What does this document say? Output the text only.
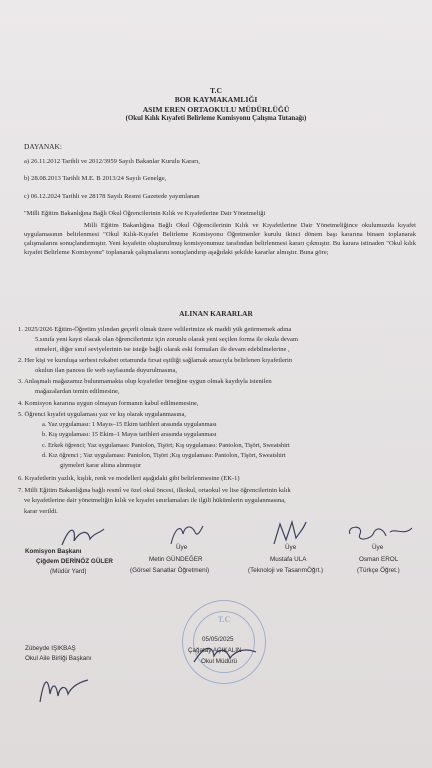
T.C
BOR KAYMAKAMLIĞI
ASIM EREN ORTAOKULU MÜDÜRLÜĞÜ
(Okul Kılık Kıyafeti Belirleme Komisyonu Çalışma Tutanağı)
DAYANAK:
a) 26.11.2012 Tarihli ve 2012/3959 Sayılı Bakanlar Kurulu Kararı,
b) 28.08.2013 Tarihli M.E. B 2013/24 Sayılı Genelge,
c) 06.12.2024 Tarihli ve 28178 Sayılı Resmi Gazetede yayımlanan
"Milli Eğitim Bakanlığına Bağlı Okul Öğrencilerinin Kılık ve Kıyafetlerine Dair Yönetmeliği
Milli Eğitim Bakanlığına Bağlı Okul Öğrencilerinin Kılık ve Kıyafetlerine Dair Yönetmeliğince okulumuzda kıyafet uygulamasının belirlenmesi "Okul Kılık-Kıyafet Belirleme Komisyonu Öğretmenler kurulu ikinci dönem başı kararına binaen toplanarak çalışmalarını sonuçlandırmıştır. Yeni kıyafetin oluşturulmuş komisyonumuz tarafından belirlenmesi kararı çıkmıştır. Bu karara istinaden "Okul kılık kıyafet Belirleme Komisyonu" toplanarak çalışmalarını sonuçlandırıp aşağıdaki şekilde kararlar almıştır. Buna göre;
ALINAN KARARLAR
1. 2025/2026 Eğitim-Öğretim yılından geçerli olmak üzere velilerimize ek maddi yük getirmemek adına
5.sınıfa yeni kayıt olacak olan öğrencilerimiz için zorunlu olarak yeni seçilen forma ile okula devam
etmeleri, diğer sınıf seviyelerinin ise isteğe bağlı olarak eski formaları ile devam edebilmelerine ,
2. Her kişi ve kuruluşa serbest rekabet ortamında fırsat eşitliği sağlamak amacıyla belirlenen kıyafetlerin
okulun ilan panosu ile web sayfasında duyurulmasına,
3. Anlaşmalı mağazamız bulunmamakta olup kıyafetler örneğine uygun olmak kaydıyla istenilen
mağazalardan temin edilmesine,
4. Komisyon kararına uygun olmayan formanın kabul edilmemesine,
5. Öğrenci kıyafet uygulaması yaz ve kış olarak uygulanmasına,
a. Yaz uygulaması: 1 Mayıs–15 Ekim tarihleri arasında uygulanması
b. Kış uygulaması: 15 Ekim–1 Mayıs tarihleri arasında uygulanması
c. Erkek öğrenci; Yaz uygulaması: Pantolon, Tişört; Kış uygulaması: Pantolon, Tişört, Sweatshirt
d. Kız öğrenci ; Yaz uygulaması: Pantolon, Tişört ;Kış uygulaması: Pantolon, Tişört, Sweatshirt
giymeleri karar altına alınmıştır
6. Kıyafetlerin yazlık, kışlık, renk ve modelleri aşağıdaki gibi belirlenmesine (EK-1)
7. Milli Eğitim Bakanlığına bağlı resmî ve özel okul öncesi, ilkokul, ortaokul ve lise öğrencilerinin kılık
ve kıyafetlerine dair yönetmeliğin kılık ve kıyafet sınırlamaları ile ilgili hükümlerin uygulanmasına,
karar verildi.
Komisyon Başkanı
Çiğdem DERİNÖZ GÜLER
(Müdür Yard)
Üye
Metin GÜNDEĞER
(Görsel Sanatlar Öğretmeni)
Üye
Mustafa ULA
(Teknoloji ve TasarımÖğrt.)
Üye
Osman EROL
(Türkçe Öğret.)
Zübeyde IŞIKBAŞ
Okul Aile Birliği Başkanı
T.C
05/05/2025
Çağatay AÇIKALIN
Okul Müdürü
